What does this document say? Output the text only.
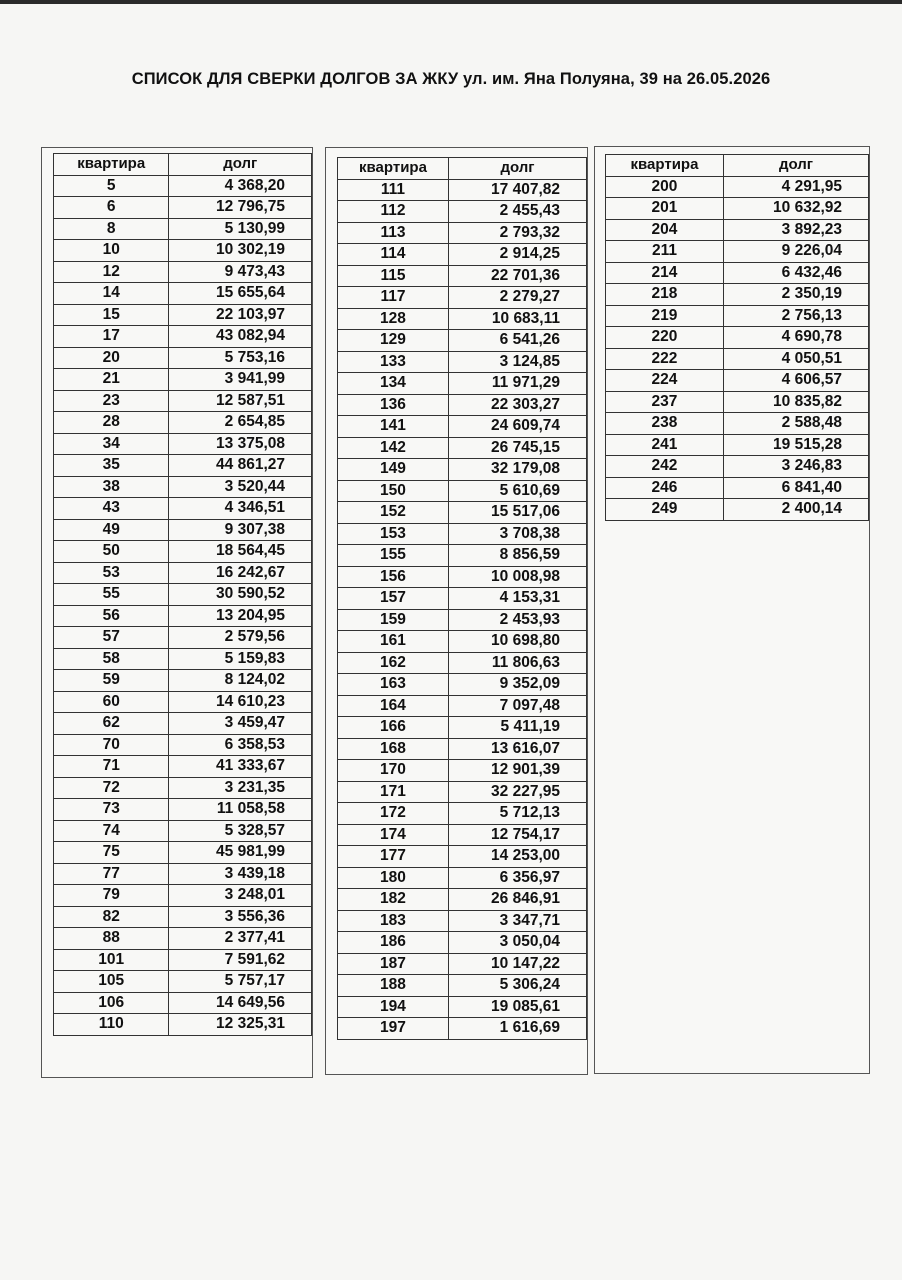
СПИСОК ДЛЯ СВЕРКИ ДОЛГОВ ЗА ЖКУ ул. им. Яна Полуяна, 39 на 26.05.2026
квартира	долг
5	4 368,20
6	12 796,75
8	5 130,99
10	10 302,19
12	9 473,43
14	15 655,64
15	22 103,97
17	43 082,94
20	5 753,16
21	3 941,99
23	12 587,51
28	2 654,85
34	13 375,08
35	44 861,27
38	3 520,44
43	4 346,51
49	9 307,38
50	18 564,45
53	16 242,67
55	30 590,52
56	13 204,95
57	2 579,56
58	5 159,83
59	8 124,02
60	14 610,23
62	3 459,47
70	6 358,53
71	41 333,67
72	3 231,35
73	11 058,58
74	5 328,57
75	45 981,99
77	3 439,18
79	3 248,01
82	3 556,36
88	2 377,41
101	7 591,62
105	5 757,17
106	14 649,56
110	12 325,31
квартира	долг
111	17 407,82
112	2 455,43
113	2 793,32
114	2 914,25
115	22 701,36
117	2 279,27
128	10 683,11
129	6 541,26
133	3 124,85
134	11 971,29
136	22 303,27
141	24 609,74
142	26 745,15
149	32 179,08
150	5 610,69
152	15 517,06
153	3 708,38
155	8 856,59
156	10 008,98
157	4 153,31
159	2 453,93
161	10 698,80
162	11 806,63
163	9 352,09
164	7 097,48
166	5 411,19
168	13 616,07
170	12 901,39
171	32 227,95
172	5 712,13
174	12 754,17
177	14 253,00
180	6 356,97
182	26 846,91
183	3 347,71
186	3 050,04
187	10 147,22
188	5 306,24
194	19 085,61
197	1 616,69
квартира	долг
200	4 291,95
201	10 632,92
204	3 892,23
211	9 226,04
214	6 432,46
218	2 350,19
219	2 756,13
220	4 690,78
222	4 050,51
224	4 606,57
237	10 835,82
238	2 588,48
241	19 515,28
242	3 246,83
246	6 841,40
249	2 400,14
